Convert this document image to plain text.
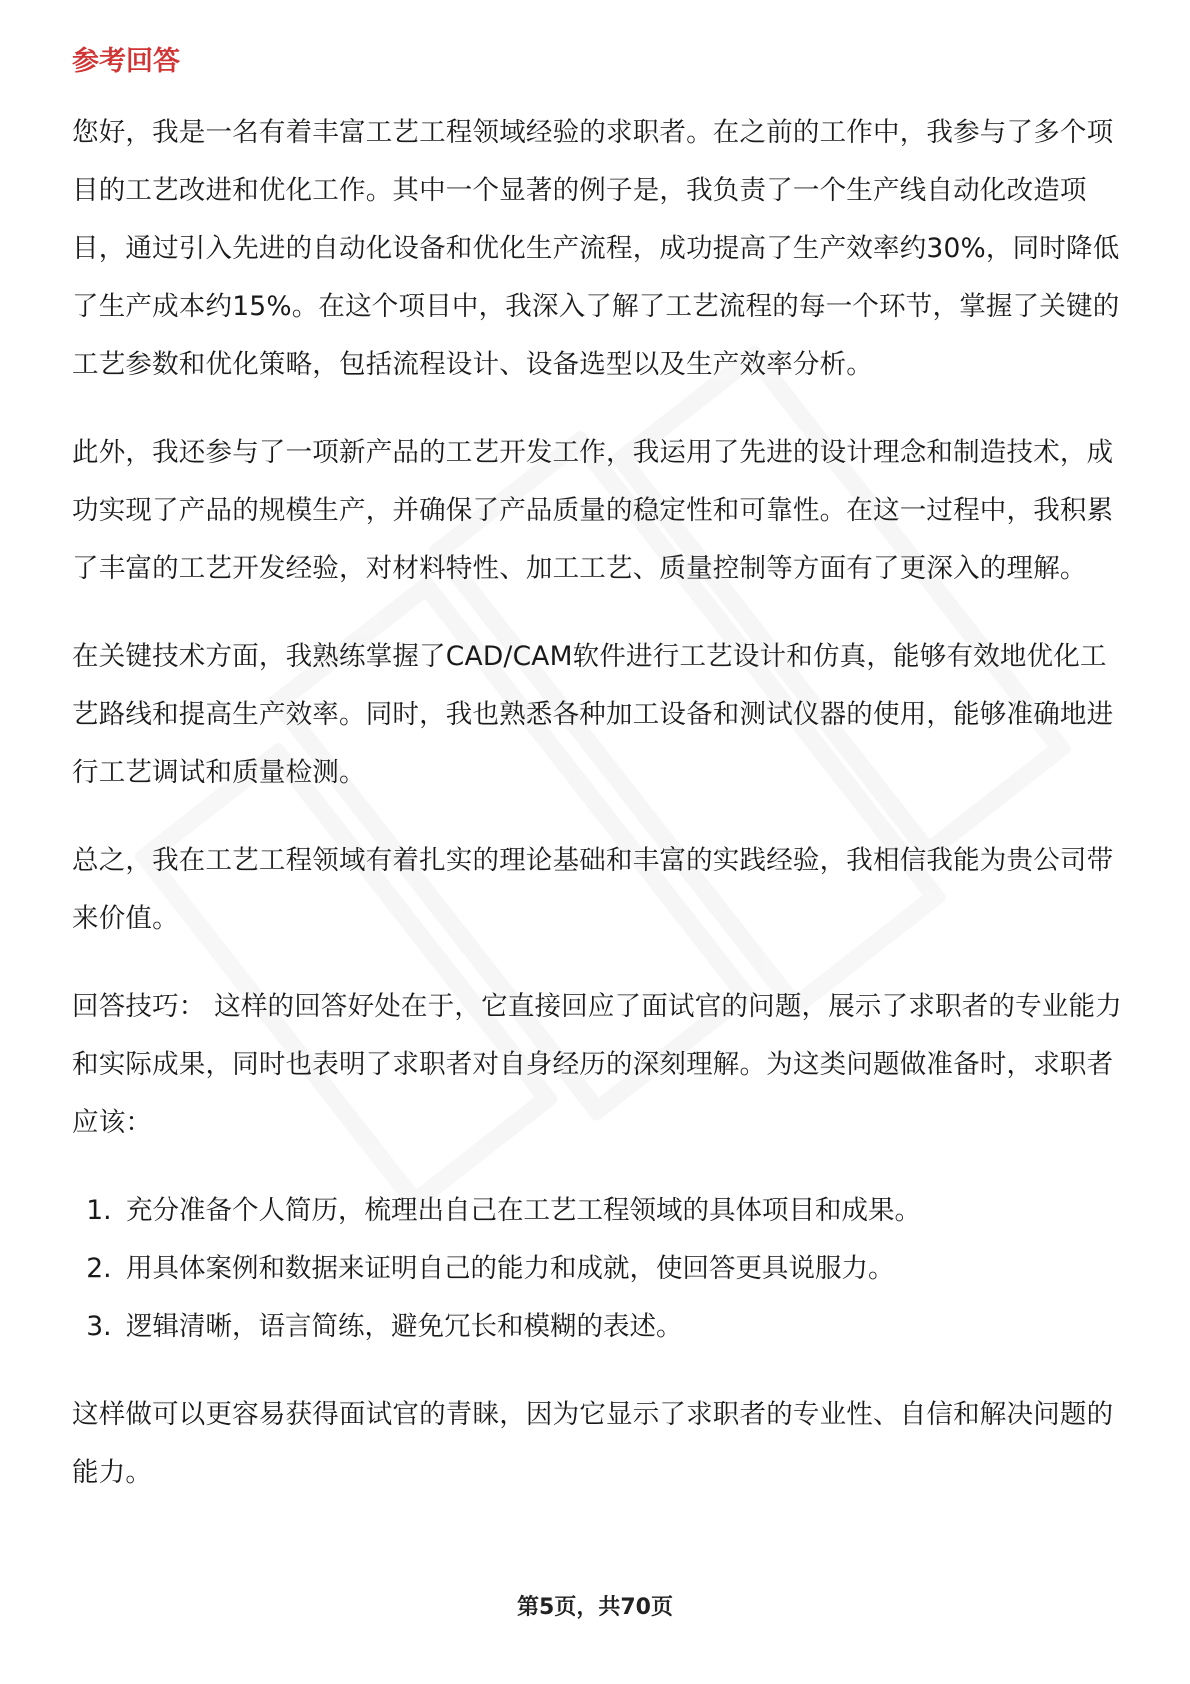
参考回答

您好，我是一名有着丰富工艺工程领域经验的求职者。在之前的工作中，我参与了多个项目的工艺改进和优化工作。其中一个显著的例子是，我负责了一个生产线自动化改造项目，通过引入先进的自动化设备和优化生产流程，成功提高了生产效率约30%，同时降低了生产成本约15%。在这个项目中，我深入了解了工艺流程的每一个环节，掌握了关键的工艺参数和优化策略，包括流程设计、设备选型以及生产效率分析。

此外，我还参与了一项新产品的工艺开发工作，我运用了先进的设计理念和制造技术，成功实现了产品的规模生产，并确保了产品质量的稳定性和可靠性。在这一过程中，我积累了丰富的工艺开发经验，对材料特性、加工工艺、质量控制等方面有了更深入的理解。

在关键技术方面，我熟练掌握了CAD/CAM软件进行工艺设计和仿真，能够有效地优化工艺路线和提高生产效率。同时，我也熟悉各种加工设备和测试仪器的使用，能够准确地进行工艺调试和质量检测。

总之，我在工艺工程领域有着扎实的理论基础和丰富的实践经验，我相信我能为贵公司带来价值。

回答技巧： 这样的回答好处在于，它直接回应了面试官的问题，展示了求职者的专业能力和实际成果，同时也表明了求职者对自身经历的深刻理解。为这类问题做准备时，求职者应该：

1. 充分准备个人简历，梳理出自己在工艺工程领域的具体项目和成果。
2. 用具体案例和数据来证明自己的能力和成就，使回答更具说服力。
3. 逻辑清晰，语言简练，避免冗长和模糊的表述。

这样做可以更容易获得面试官的青睐，因为它显示了求职者的专业性、自信和解决问题的能力。

第5页，共70页
